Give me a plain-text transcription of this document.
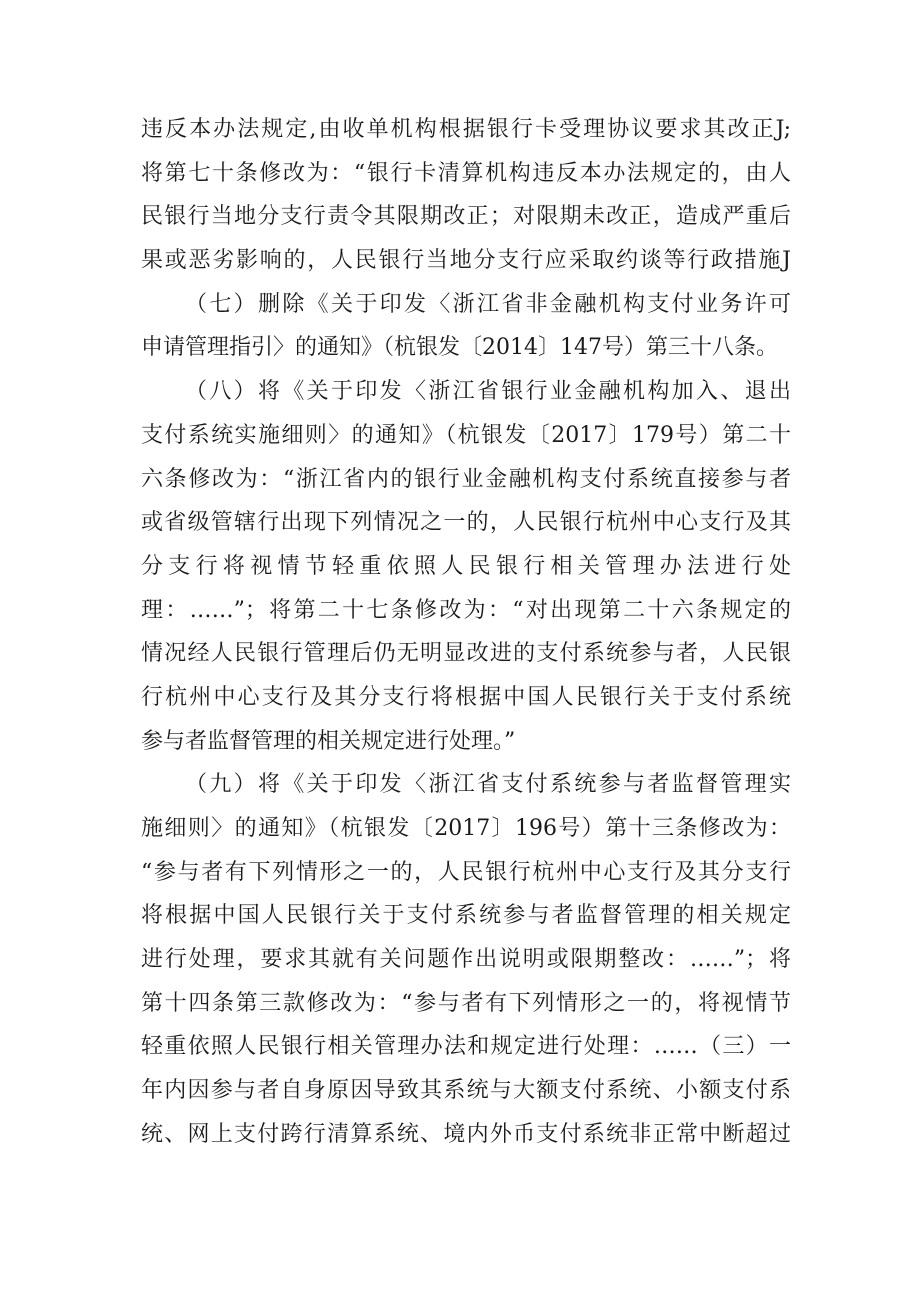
违反本办法规定,由收单机构根据银行卡受理协议要求其改正J;
将第七十条修改为：“银行卡清算机构违反本办法规定的，由人
民银行当地分支行责令其限期改正；对限期未改正，造成严重后
果或恶劣影响的，人民银行当地分支行应采取约谈等行政措施J
（七）删除《关于印发〈浙江省非金融机构支付业务许可
申请管理指引〉的通知》（杭银发〔2014〕147号）第三十八条。
（八）将《关于印发〈浙江省银行业金融机构加入、退出
支付系统实施细则〉的通知》（杭银发〔2017〕179号）第二十
六条修改为：“浙江省内的银行业金融机构支付系统直接参与者
或省级管辖行出现下列情况之一的，人民银行杭州中心支行及其
分支行将视情节轻重依照人民银行相关管理办法进行处
理：……”；将第二十七条修改为：“对出现第二十六条规定的
情况经人民银行管理后仍无明显改进的支付系统参与者，人民银
行杭州中心支行及其分支行将根据中国人民银行关于支付系统
参与者监督管理的相关规定进行处理。”
（九）将《关于印发〈浙江省支付系统参与者监督管理实
施细则〉的通知》（杭银发〔2017〕196号）第十三条修改为：
“参与者有下列情形之一的，人民银行杭州中心支行及其分支行
将根据中国人民银行关于支付系统参与者监督管理的相关规定
进行处理，要求其就有关问题作出说明或限期整改：……”；将
第十四条第三款修改为：“参与者有下列情形之一的，将视情节
轻重依照人民银行相关管理办法和规定进行处理：……（三）一
年内因参与者自身原因导致其系统与大额支付系统、小额支付系
统、网上支付跨行清算系统、境内外币支付系统非正常中断超过
